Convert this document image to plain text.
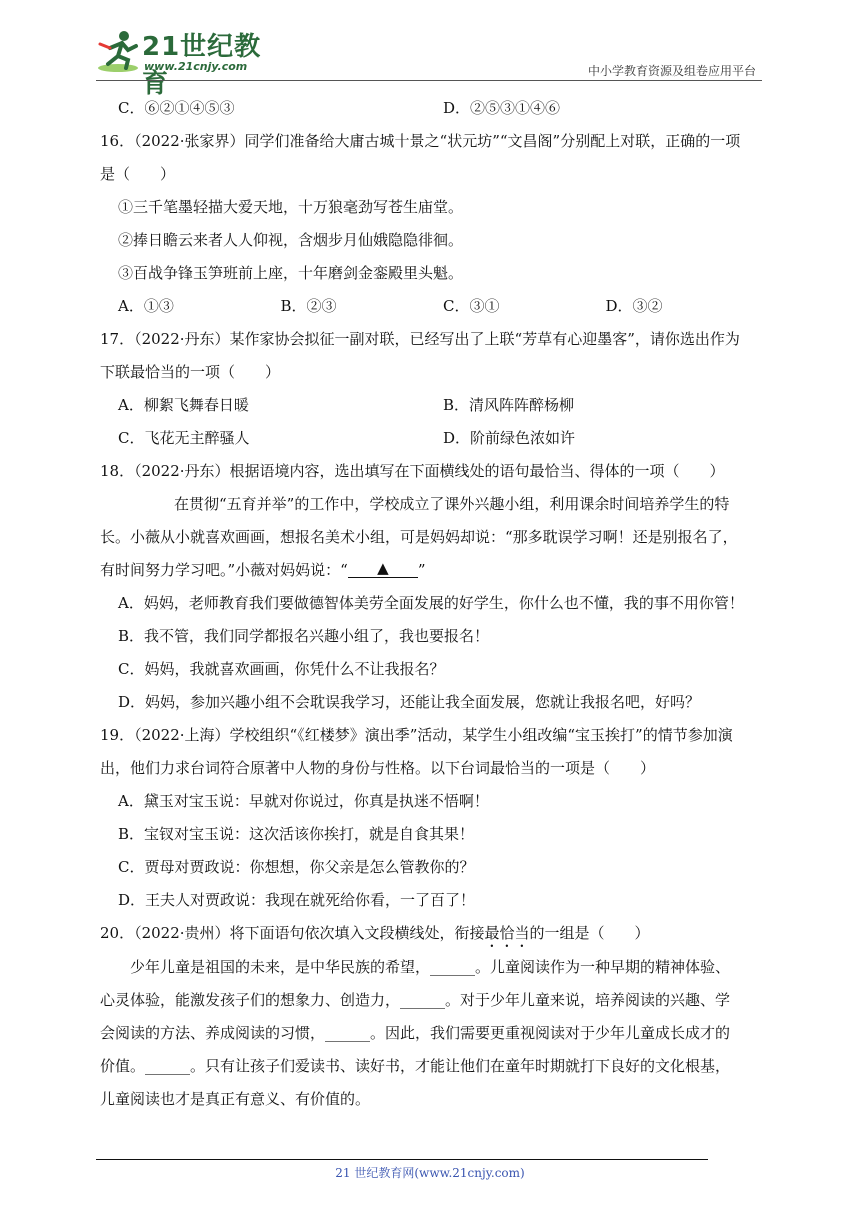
21世纪教育
www.21cnjy.com	中小学教育资源及组卷应用平台
C．⑥②①④⑤③	D．②⑤③①④⑥
16．（2022·张家界）同学们准备给大庸古城十景之“状元坊”“文昌阁”分别配上对联，正确的一项
是（　　）
①三千笔墨轻描大爱天地，十万狼毫劲写苍生庙堂。
②捧日瞻云来者人人仰视，含烟步月仙娥隐隐徘徊。
③百战争锋玉笋班前上座，十年磨剑金銮殿里头魁。
A．①③	B．②③	C．③①	D．③②
17．（2022·丹东）某作家协会拟征一副对联，已经写出了上联“芳草有心迎墨客”，请你选出作为
下联最恰当的一项（　　）
A．柳絮飞舞春日暖	B．清风阵阵醉杨柳
C．飞花无主醉骚人	D．阶前绿色浓如许
18．（2022·丹东）根据语境内容，选出填写在下面横线处的语句最恰当、得体的一项（　　）
在贯彻“五育并举”的工作中，学校成立了课外兴趣小组，利用课余时间培养学生的特
长。小薇从小就喜欢画画，想报名美术小组，可是妈妈却说：“那多耽误学习啊！还是别报名了，
有时间努力学习吧。”小薇对妈妈说：“ ▲ ”
A．妈妈，老师教育我们要做德智体美劳全面发展的好学生，你什么也不懂，我的事不用你管！
B．我不管，我们同学都报名兴趣小组了，我也要报名！
C．妈妈，我就喜欢画画，你凭什么不让我报名？
D．妈妈，参加兴趣小组不会耽误我学习，还能让我全面发展，您就让我报名吧，好吗？
19．（2022·上海）学校组织“《红楼梦》演出季”活动，某学生小组改编“宝玉挨打”的情节参加演
出，他们力求台词符合原著中人物的身份与性格。以下台词最恰当的一项是（　　）
A．黛玉对宝玉说：早就对你说过，你真是执迷不悟啊！
B．宝钗对宝玉说：这次活该你挨打，就是自食其果！
C．贾母对贾政说：你想想，你父亲是怎么管教你的？
D．王夫人对贾政说：我现在就死给你看，一了百了！
20．（2022·贵州）将下面语句依次填入文段横线处，衔接最恰当的一组是（　　）
少年儿童是祖国的未来，是中华民族的希望，______。儿童阅读作为一种早期的精神体验、
心灵体验，能激发孩子们的想象力、创造力，______。对于少年儿童来说，培养阅读的兴趣、学
会阅读的方法、养成阅读的习惯，______。因此，我们需要更重视阅读对于少年儿童成长成才的
价值。______。只有让孩子们爱读书、读好书，才能让他们在童年时期就打下良好的文化根基，
儿童阅读也才是真正有意义、有价值的。
21 世纪教育网(www.21cnjy.com)
